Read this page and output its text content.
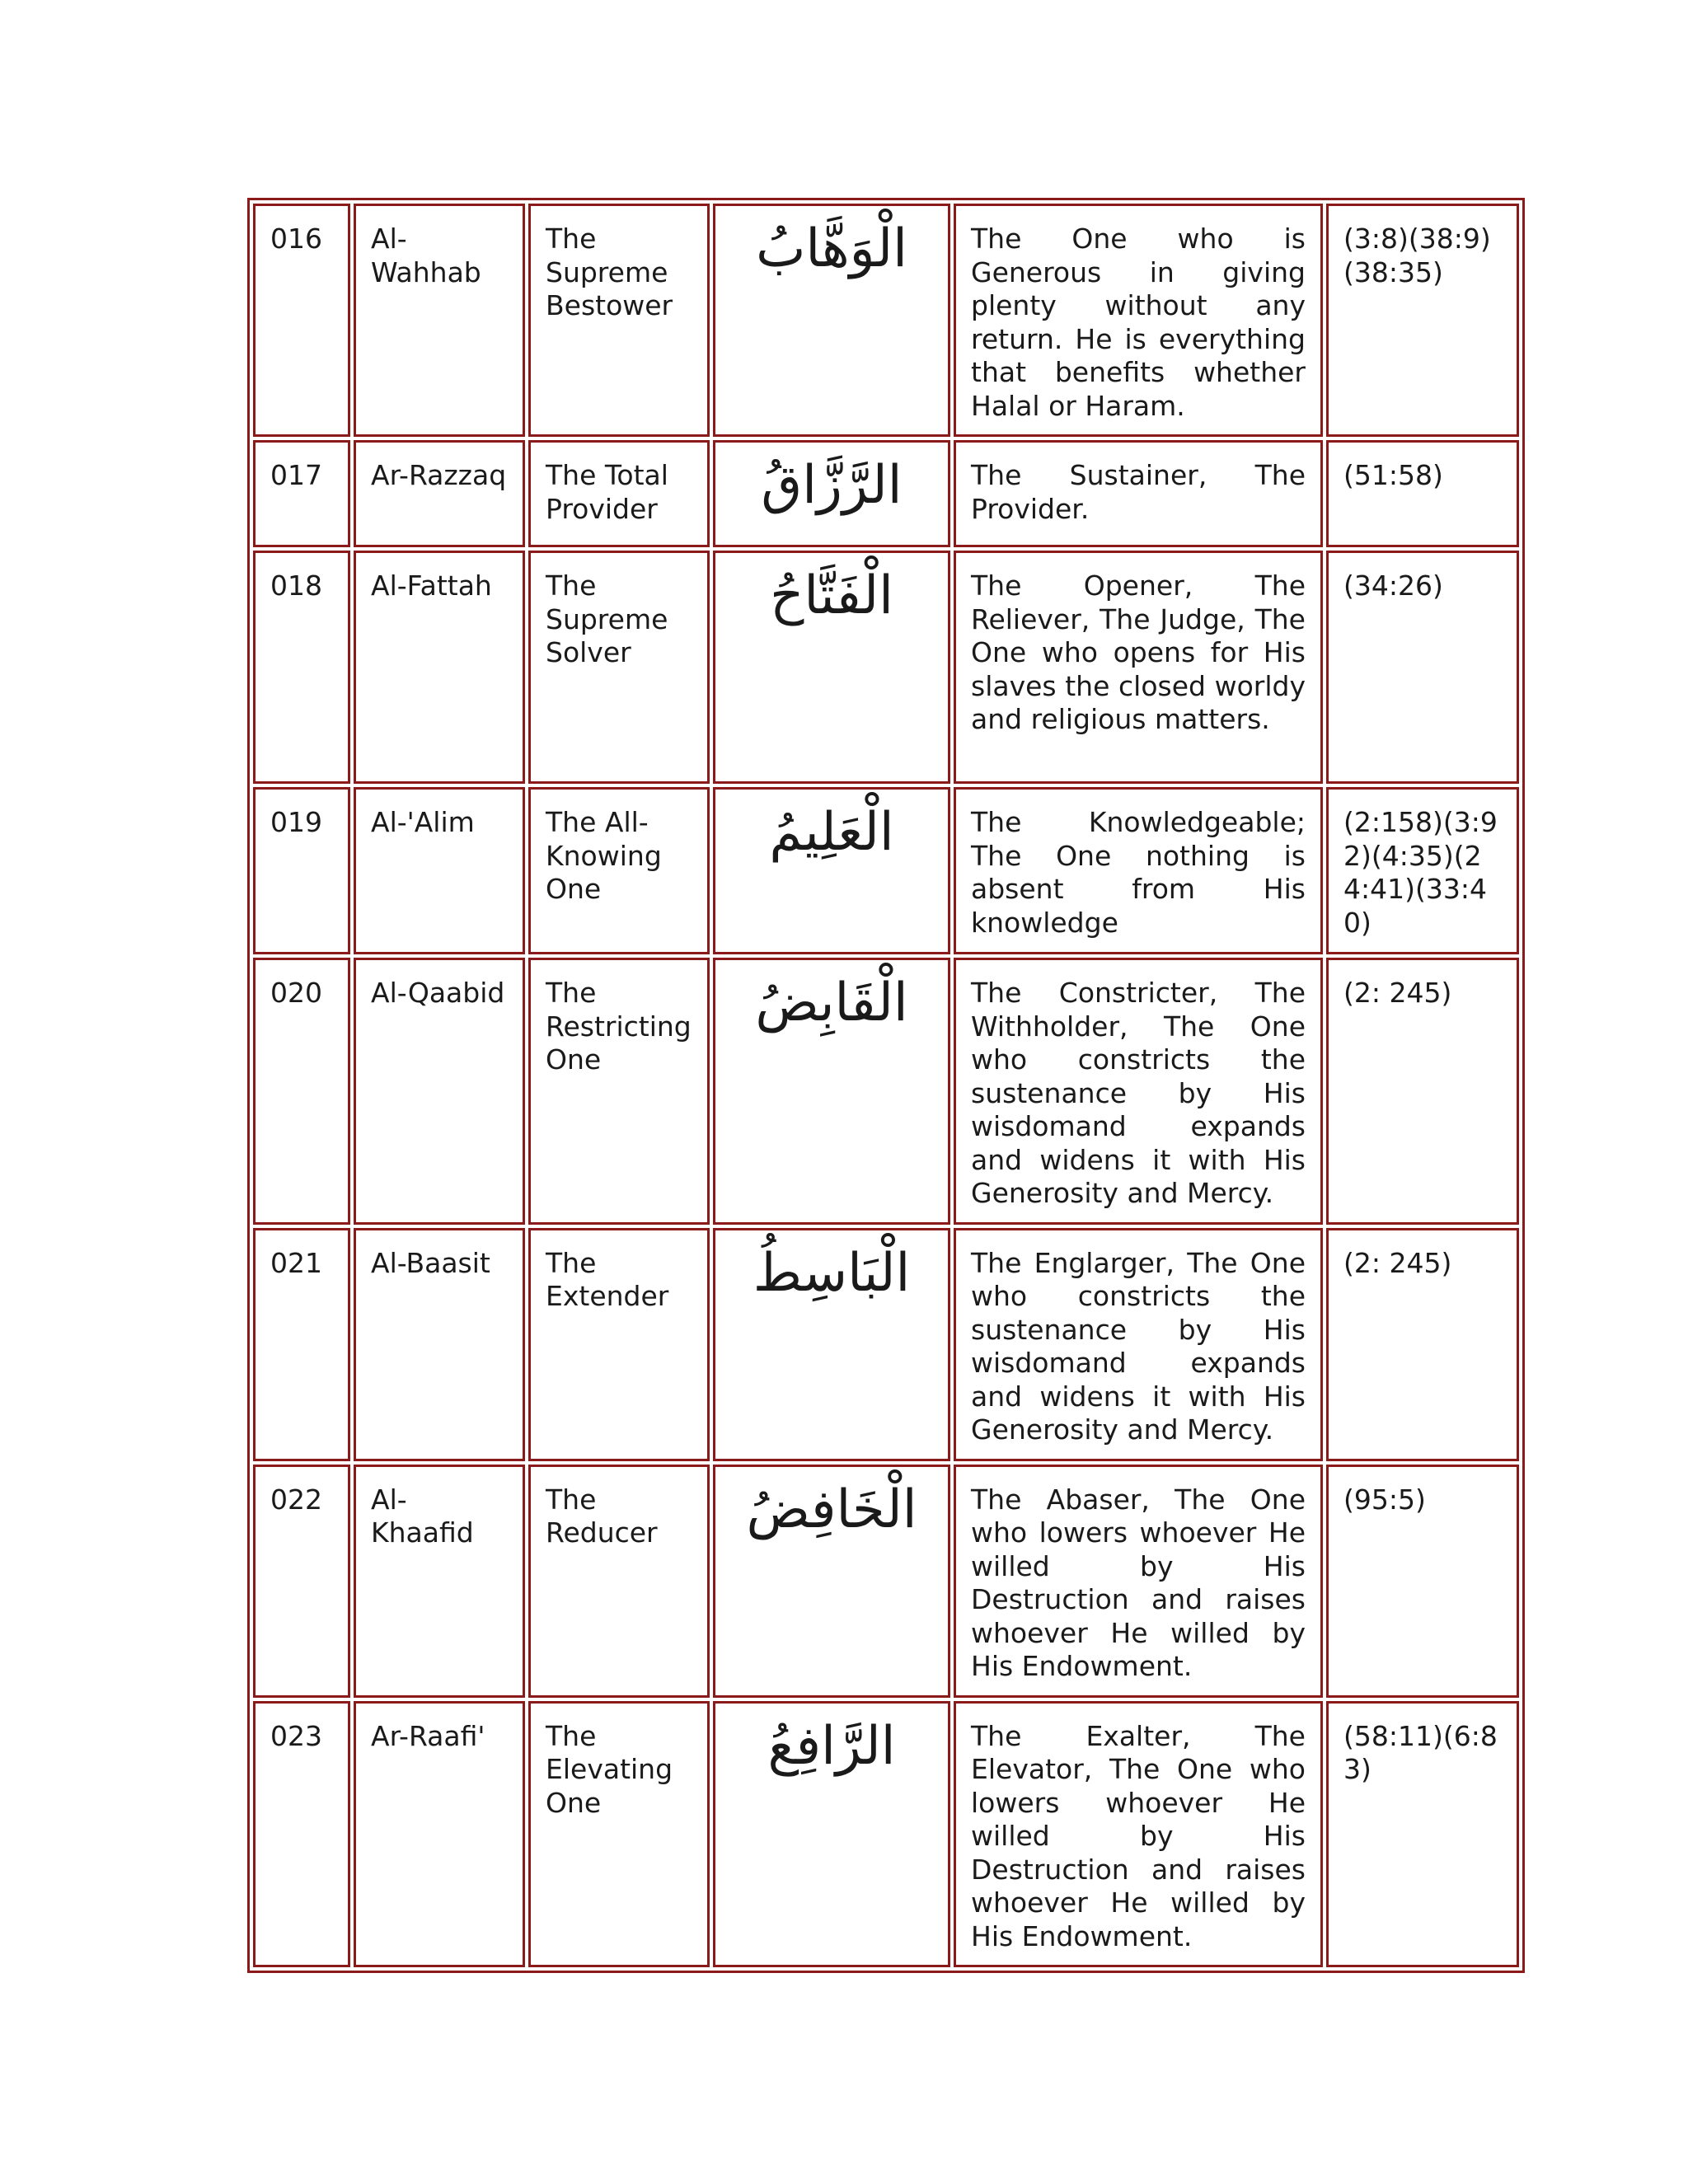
016	Al-Wahhab	The Supreme Bestower	الْوَهَّابُ	The One who is Generous in giving plenty without any return. He is everything that benefits whether Halal or Haram.	(3:8)(38:9)(38:35)
017	Ar-Razzaq	The Total Provider	الرَّزَّاقُ	The Sustainer, The Provider.	(51:58)
018	Al-Fattah	The Supreme Solver	الْفَتَّاحُ	The Opener, The Reliever, The Judge, The One who opens for His slaves the closed worldy and religious matters.	(34:26)
019	Al-'Alim	The All-Knowing One	الْعَلِيمُ	The Knowledgeable; The One nothing is absent from His knowledge	(2:158)(3:92)(4:35)(24:41)(33:40)
020	Al-Qaabid	The Restricting One	الْقَابِضُ	The Constricter, The Withholder, The One who constricts the sustenance by His wisdomand expands and widens it with His Generosity and Mercy.	(2: 245)
021	Al-Baasit	The Extender	الْبَاسِطُ	The Englarger, The One who constricts the sustenance by His wisdomand expands and widens it with His Generosity and Mercy.	(2: 245)
022	Al-Khaafid	The Reducer	الْخَافِضُ	The Abaser, The One who lowers whoever He willed by His Destruction and raises whoever He willed by His Endowment.	(95:5)
023	Ar-Raafi'	The Elevating One	الرَّافِعُ	The Exalter, The Elevator, The One who lowers whoever He willed by His Destruction and raises whoever He willed by His Endowment.	(58:11)(6:83)
